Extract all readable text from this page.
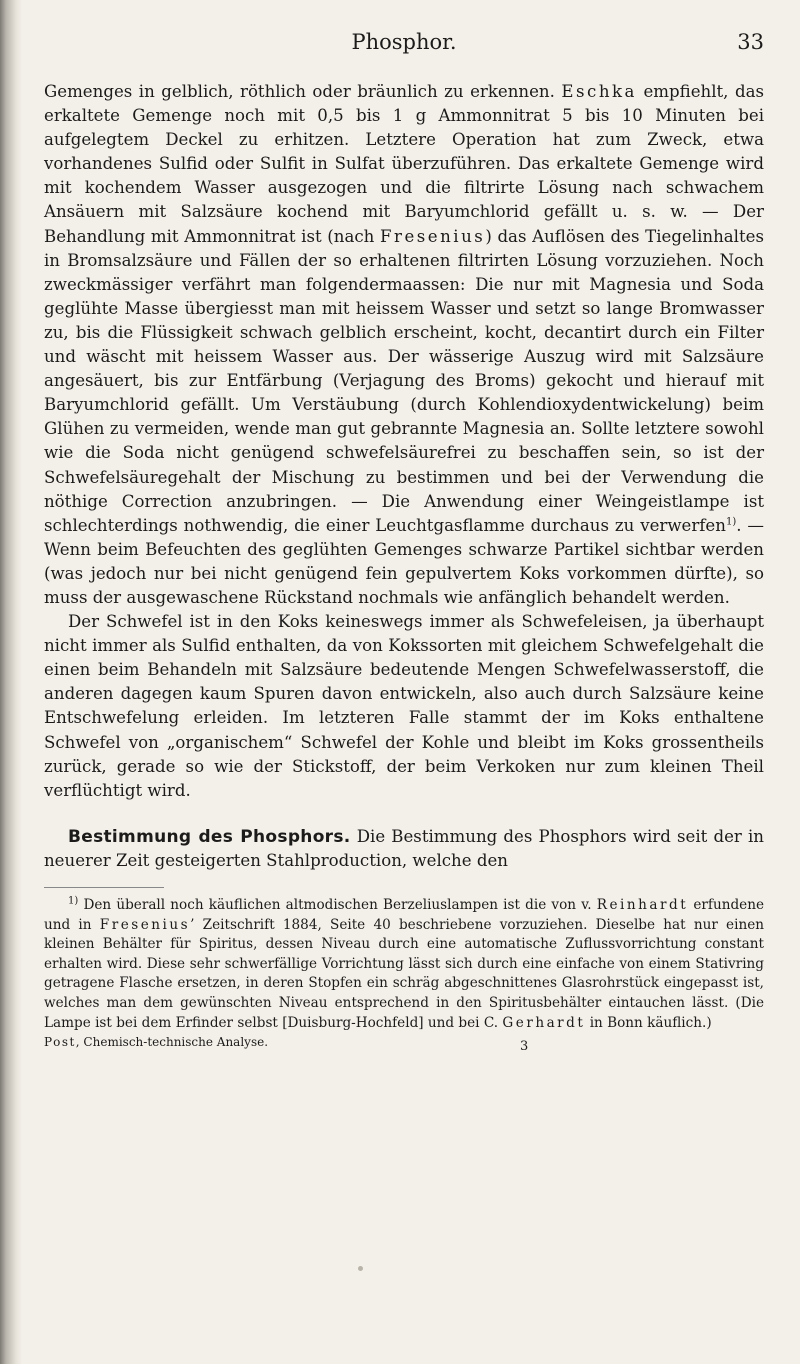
Phosphor.	33

Gemenges in gelblich, röthlich oder bräunlich zu erkennen. Eschka empfiehlt, das erkaltete Gemenge noch mit 0,5 bis 1 g Ammonnitrat 5 bis 10 Minuten bei aufgelegtem Deckel zu erhitzen. Letztere Operation hat zum Zweck, etwa vorhandenes Sulfid oder Sulfit in Sulfat überzuführen. Das erkaltete Gemenge wird mit kochendem Wasser ausgezogen und die filtrirte Lösung nach schwachem Ansäuern mit Salzsäure kochend mit Baryumchlorid gefällt u. s. w. — Der Behandlung mit Ammonnitrat ist (nach Fresenius) das Auflösen des Tiegelinhaltes in Bromsalzsäure und Fällen der so erhaltenen filtrirten Lösung vorzuziehen. Noch zweckmässiger verfährt man folgendermaassen: Die nur mit Magnesia und Soda geglühte Masse übergiesst man mit heissem Wasser und setzt so lange Bromwasser zu, bis die Flüssigkeit schwach gelblich erscheint, kocht, decantirt durch ein Filter und wäscht mit heissem Wasser aus. Der wässerige Auszug wird mit Salzsäure angesäuert, bis zur Entfärbung (Verjagung des Broms) gekocht und hierauf mit Baryumchlorid gefällt. Um Verstäubung (durch Kohlendioxydentwickelung) beim Glühen zu vermeiden, wende man gut gebrannte Magnesia an. Sollte letztere sowohl wie die Soda nicht genügend schwefelsäurefrei zu beschaffen sein, so ist der Schwefelsäuregehalt der Mischung zu bestimmen und bei der Verwendung die nöthige Correction anzubringen. — Die Anwendung einer Weingeistlampe ist schlechterdings nothwendig, die einer Leuchtgasflamme durchaus zu verwerfen$^{1)}$. — Wenn beim Befeuchten des geglühten Gemenges schwarze Partikel sichtbar werden (was jedoch nur bei nicht genügend fein gepulvertem Koks vorkommen dürfte), so muss der ausgewaschene Rückstand nochmals wie anfänglich behandelt werden.

Der Schwefel ist in den Koks keineswegs immer als Schwefeleisen, ja überhaupt nicht immer als Sulfid enthalten, da von Kokssorten mit gleichem Schwefelgehalt die einen beim Behandeln mit Salzsäure bedeutende Mengen Schwefelwasserstoff, die anderen dagegen kaum Spuren davon entwickeln, also auch durch Salzsäure keine Entschwefelung erleiden. Im letzteren Falle stammt der im Koks enthaltene Schwefel von „organischem“ Schwefel der Kohle und bleibt im Koks grossentheils zurück, gerade so wie der Stickstoff, der beim Verkoken nur zum kleinen Theil verflüchtigt wird.

Bestimmung des Phosphors. Die Bestimmung des Phosphors wird seit der in neuerer Zeit gesteigerten Stahlproduction, welche den

$^{1)}$ Den überall noch käuflichen altmodischen Berzeliuslampen ist die von v. Reinhardt erfundene und in Fresenius’ Zeitschrift 1884, Seite 40 beschriebene vorzuziehen. Dieselbe hat nur einen kleinen Behälter für Spiritus, dessen Niveau durch eine automatische Zuflussvorrichtung constant erhalten wird. Diese sehr schwerfällige Vorrichtung lässt sich durch eine einfache von einem Stativring getragene Flasche ersetzen, in deren Stopfen ein schräg abgeschnittenes Glasrohrstück eingepasst ist, welches man dem gewünschten Niveau entsprechend in den Spiritusbehälter eintauchen lässt. (Die Lampe ist bei dem Erfinder selbst [Duisburg-Hochfeld] und bei C. Gerhardt in Bonn käuflich.)

Post, Chemisch-technische Analyse.	3
